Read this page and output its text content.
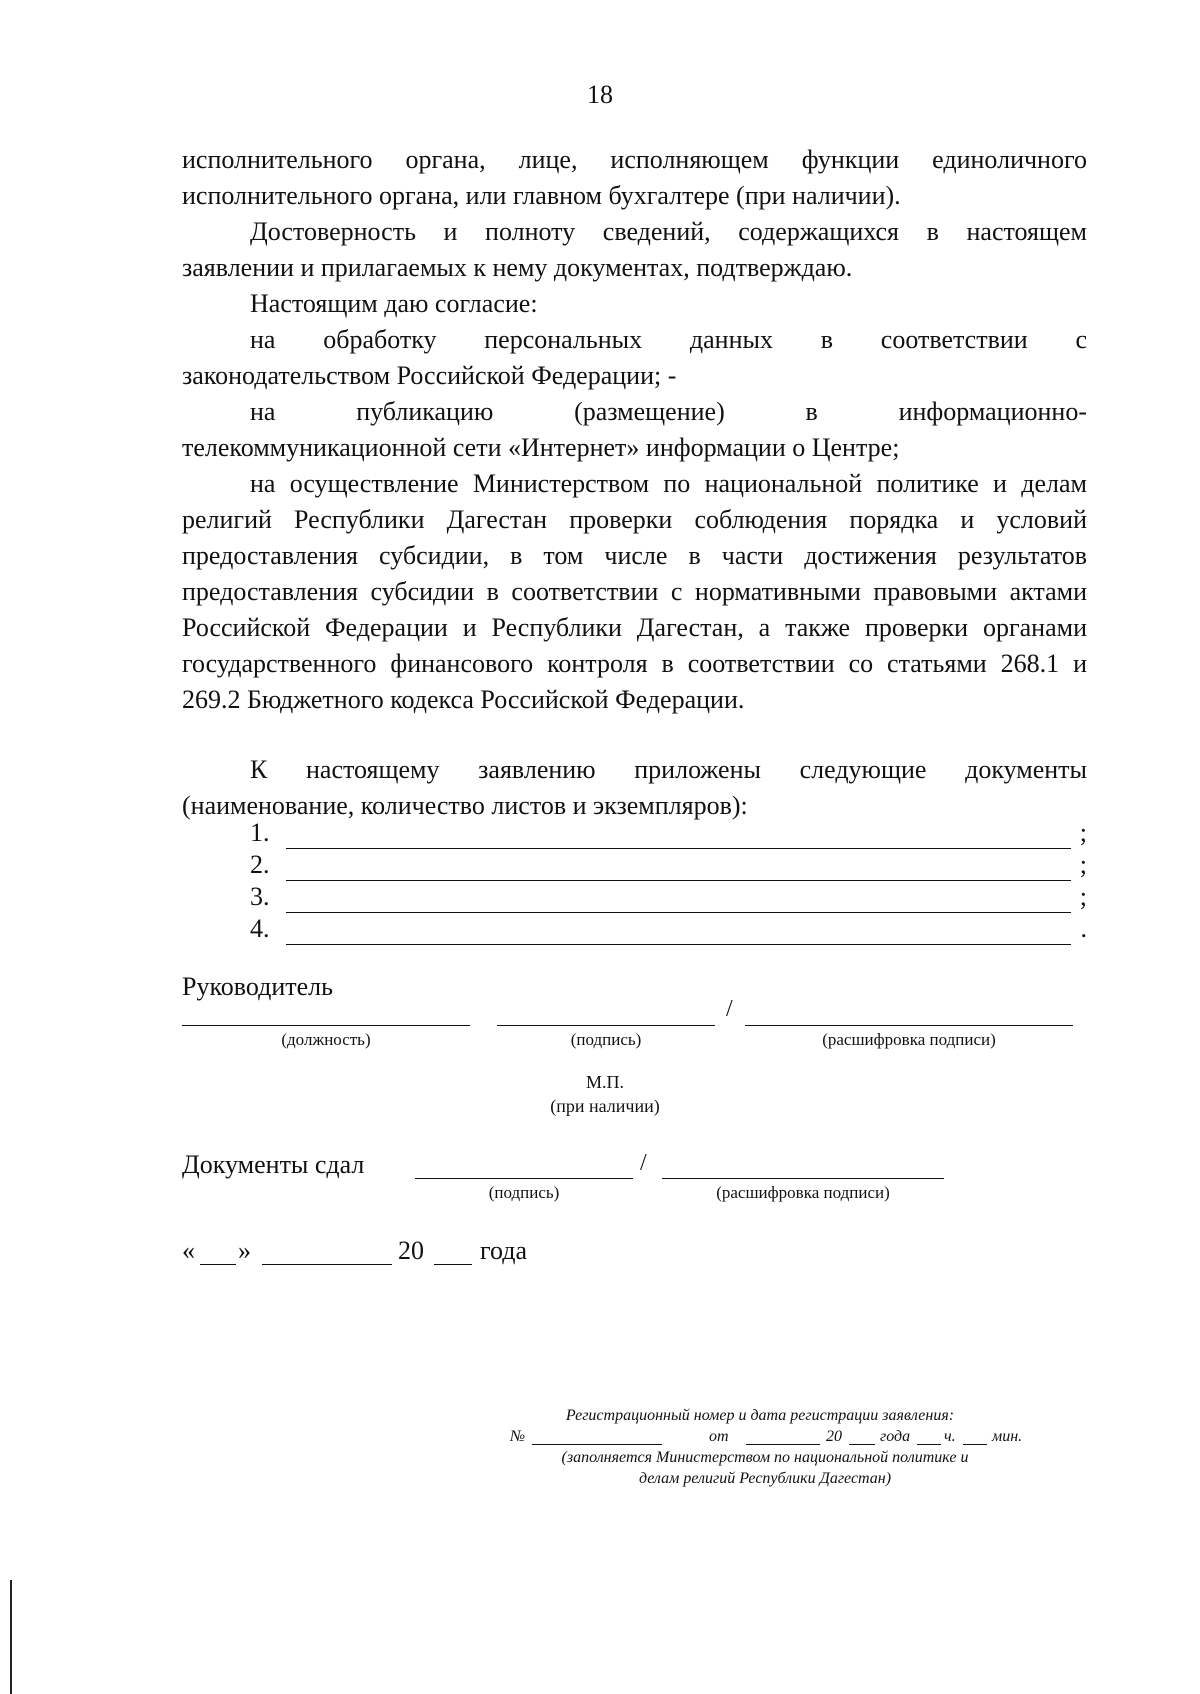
18
исполнительного органа, лице, исполняющем функции единоличного
исполнительного органа, или главном бухгалтере (при наличии).
Достоверность и полноту сведений, содержащихся в настоящем
заявлении и прилагаемых к нему документах, подтверждаю.
Настоящим даю согласие:
на обработку персональных данных в соответствии с
законодательством Российской Федерации; -
на публикацию (размещение) в информационно-
телекоммуникационной сети «Интернет» информации о Центре;
на осуществление Министерством по национальной политике и делам
религий Республики Дагестан проверки соблюдения порядка и условий
предоставления субсидии, в том числе в части достижения результатов
предоставления субсидии в соответствии с нормативными правовыми актами
Российской Федерации и Республики Дагестан, а также проверки органами
государственного финансового контроля в соответствии со статьями 268.1 и
269.2 Бюджетного кодекса Российской Федерации.
К настоящему заявлению приложены следующие документы
(наименование, количество листов и экземпляров):
1.	;
2.	;
3.	;
4.	.
Руководитель
/
(должность)	(подпись)	(расшифровка подписи)
М.П.
(при наличии)
Документы сдал	/
(подпись)	(расшифровка подписи)
« »	20 года
Регистрационный номер и дата регистрации заявления:
№	от	20 года ч. мин.
(заполняется Министерством по национальной политике и
делам религий Республики Дагестан)
